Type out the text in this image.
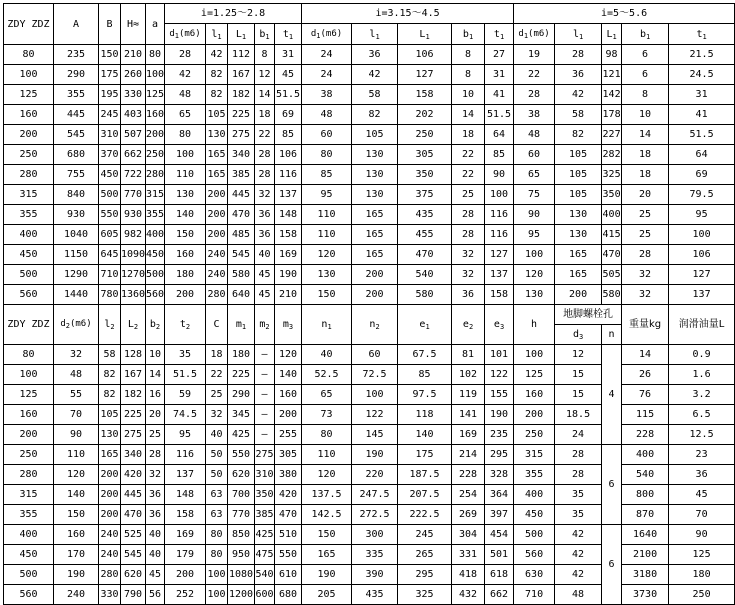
ZDY ZDZ	A	B	H≈	a	i=1.25～2.8					i=3.15～4.5					i=5～5.6				
					$d_1(m6)$	$l_1$	$L_1$	$b_1$	$t_1$	$d_1(m6)$	$l_1$	$L_1$	$b_1$	$t_1$	$d_1(m6)$	$l_1$	$L_1$	$b_1$	$t_1$
80	235	150	210	80	28	42	112	8	31	24	36	106	8	27	19	28	98	6	21.5
100	290	175	260	100	42	82	167	12	45	24	42	127	8	31	22	36	121	6	24.5
125	355	195	330	125	48	82	182	14	51.5	38	58	158	10	41	28	42	142	8	31
160	445	245	403	160	65	105	225	18	69	48	82	202	14	51.5	38	58	178	10	41
200	545	310	507	200	80	130	275	22	85	60	105	250	18	64	48	82	227	14	51.5
250	680	370	662	250	100	165	340	28	106	80	130	305	22	85	60	105	282	18	64
280	755	450	722	280	110	165	385	28	116	85	130	350	22	90	65	105	325	18	69
315	840	500	770	315	130	200	445	32	137	95	130	375	25	100	75	105	350	20	79.5
355	930	550	930	355	140	200	470	36	148	110	165	435	28	116	90	130	400	25	95
400	1040	605	982	400	150	200	485	36	158	110	165	455	28	116	95	130	415	25	100
450	1150	645	1090	450	160	240	545	40	169	120	165	470	32	127	100	165	470	28	106
500	1290	710	1270	500	180	240	580	45	190	130	200	540	32	137	120	165	505	32	127
560	1440	780	1360	560	200	280	640	45	210	150	200	580	36	158	130	200	580	32	137
ZDY ZDZ	$d_2(m6)$	$l_2$	$L_2$	$b_2$	$t_2$	C	$m_1$	$m_2$	$m_3$	$n_1$	$n_2$	$e_1$	$e_2$	$e_3$	h	地脚螺栓孔		重量kg	润滑油量L
																$d_3$	n		
80	32	58	128	10	35	18	180	—	120	40	60	67.5	81	101	100	12	4	14	0.9
100	48	82	167	14	51.5	22	225	—	140	52.5	72.5	85	102	122	125	15		26	1.6
125	55	82	182	16	59	25	290	—	160	65	100	97.5	119	155	160	15		76	3.2
160	70	105	225	20	74.5	32	345	—	200	73	122	118	141	190	200	18.5		115	6.5
200	90	130	275	25	95	40	425	—	255	80	145	140	169	235	250	24		228	12.5
250	110	165	340	28	116	50	550	275	305	110	190	175	214	295	315	28	6	400	23
280	120	200	420	32	137	50	620	310	380	120	220	187.5	228	328	355	28		540	36
315	140	200	445	36	148	63	700	350	420	137.5	247.5	207.5	254	364	400	35		800	45
355	150	200	470	36	158	63	770	385	470	142.5	272.5	222.5	269	397	450	35		870	70
400	160	240	525	40	169	80	850	425	510	150	300	245	304	454	500	42	6	1640	90
450	170	240	545	40	179	80	950	475	550	165	335	265	331	501	560	42		2100	125
500	190	280	620	45	200	100	1080	540	610	190	390	295	418	618	630	42		3180	180
560	240	330	790	56	252	100	1200	600	680	205	435	325	432	662	710	48		3730	250
